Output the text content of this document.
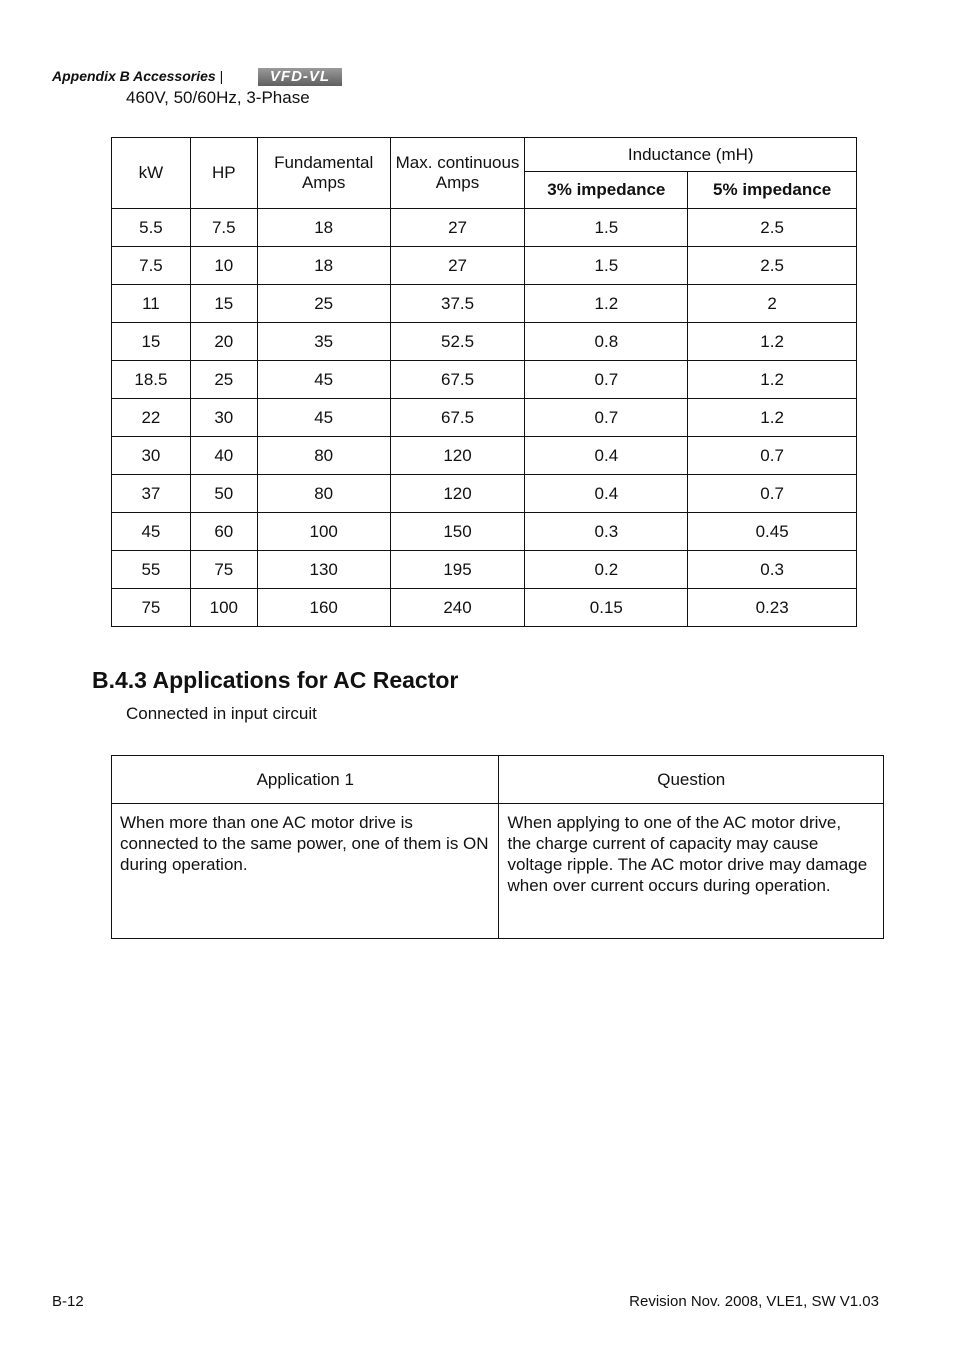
Appendix B Accessories |	VFD-VL
460V, 50/60Hz, 3-Phase
kW	HP	Fundamental Amps	Max. continuous Amps	Inductance (mH)	
				3% impedance	5% impedance
5.5	7.5	18	27	1.5	2.5
7.5	10	18	27	1.5	2.5
11	15	25	37.5	1.2	2
15	20	35	52.5	0.8	1.2
18.5	25	45	67.5	0.7	1.2
22	30	45	67.5	0.7	1.2
30	40	80	120	0.4	0.7
37	50	80	120	0.4	0.7
45	60	100	150	0.3	0.45
55	75	130	195	0.2	0.3
75	100	160	240	0.15	0.23
B.4.3 Applications for AC Reactor
Connected in input circuit
Application 1	Question
When more than one AC motor drive is connected to the same power, one of them is ON during operation.	When applying to one of the AC motor drive,
the charge current of capacity may cause voltage ripple. The AC motor drive may damage when over current occurs during operation.
B-12	Revision Nov. 2008, VLE1, SW V1.03
